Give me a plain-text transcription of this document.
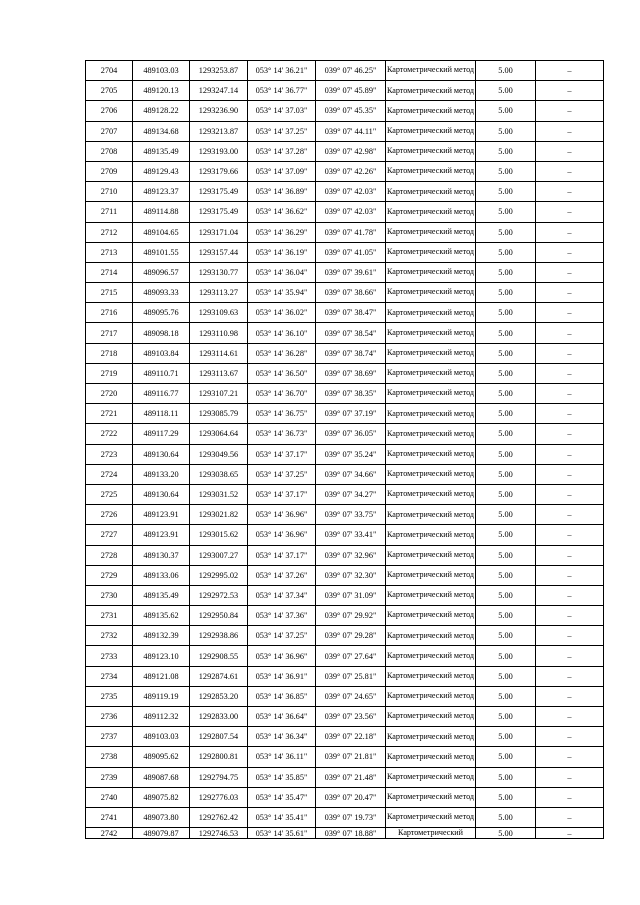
2704	489103.03	1293253.87	053° 14' 36.21"	039° 07' 46.25"	Картометрический метод	5.00	–
2705	489120.13	1293247.14	053° 14' 36.77"	039° 07' 45.89"	Картометрический метод	5.00	–
2706	489128.22	1293236.90	053° 14' 37.03"	039° 07' 45.35"	Картометрический метод	5.00	–
2707	489134.68	1293213.87	053° 14' 37.25"	039° 07' 44.11"	Картометрический метод	5.00	–
2708	489135.49	1293193.00	053° 14' 37.28"	039° 07' 42.98"	Картометрический метод	5.00	–
2709	489129.43	1293179.66	053° 14' 37.09"	039° 07' 42.26"	Картометрический метод	5.00	–
2710	489123.37	1293175.49	053° 14' 36.89"	039° 07' 42.03"	Картометрический метод	5.00	–
2711	489114.88	1293175.49	053° 14' 36.62"	039° 07' 42.03"	Картометрический метод	5.00	–
2712	489104.65	1293171.04	053° 14' 36.29"	039° 07' 41.78"	Картометрический метод	5.00	–
2713	489101.55	1293157.44	053° 14' 36.19"	039° 07' 41.05"	Картометрический метод	5.00	–
2714	489096.57	1293130.77	053° 14' 36.04"	039° 07' 39.61"	Картометрический метод	5.00	–
2715	489093.33	1293113.27	053° 14' 35.94"	039° 07' 38.66"	Картометрический метод	5.00	–
2716	489095.76	1293109.63	053° 14' 36.02"	039° 07' 38.47"	Картометрический метод	5.00	–
2717	489098.18	1293110.98	053° 14' 36.10"	039° 07' 38.54"	Картометрический метод	5.00	–
2718	489103.84	1293114.61	053° 14' 36.28"	039° 07' 38.74"	Картометрический метод	5.00	–
2719	489110.71	1293113.67	053° 14' 36.50"	039° 07' 38.69"	Картометрический метод	5.00	–
2720	489116.77	1293107.21	053° 14' 36.70"	039° 07' 38.35"	Картометрический метод	5.00	–
2721	489118.11	1293085.79	053° 14' 36.75"	039° 07' 37.19"	Картометрический метод	5.00	–
2722	489117.29	1293064.64	053° 14' 36.73"	039° 07' 36.05"	Картометрический метод	5.00	–
2723	489130.64	1293049.56	053° 14' 37.17"	039° 07' 35.24"	Картометрический метод	5.00	–
2724	489133.20	1293038.65	053° 14' 37.25"	039° 07' 34.66"	Картометрический метод	5.00	–
2725	489130.64	1293031.52	053° 14' 37.17"	039° 07' 34.27"	Картометрический метод	5.00	–
2726	489123.91	1293021.82	053° 14' 36.96"	039° 07' 33.75"	Картометрический метод	5.00	–
2727	489123.91	1293015.62	053° 14' 36.96"	039° 07' 33.41"	Картометрический метод	5.00	–
2728	489130.37	1293007.27	053° 14' 37.17"	039° 07' 32.96"	Картометрический метод	5.00	–
2729	489133.06	1292995.02	053° 14' 37.26"	039° 07' 32.30"	Картометрический метод	5.00	–
2730	489135.49	1292972.53	053° 14' 37.34"	039° 07' 31.09"	Картометрический метод	5.00	–
2731	489135.62	1292950.84	053° 14' 37.36"	039° 07' 29.92"	Картометрический метод	5.00	–
2732	489132.39	1292938.86	053° 14' 37.25"	039° 07' 29.28"	Картометрический метод	5.00	–
2733	489123.10	1292908.55	053° 14' 36.96"	039° 07' 27.64"	Картометрический метод	5.00	–
2734	489121.08	1292874.61	053° 14' 36.91"	039° 07' 25.81"	Картометрический метод	5.00	–
2735	489119.19	1292853.20	053° 14' 36.85"	039° 07' 24.65"	Картометрический метод	5.00	–
2736	489112.32	1292833.00	053° 14' 36.64"	039° 07' 23.56"	Картометрический метод	5.00	–
2737	489103.03	1292807.54	053° 14' 36.34"	039° 07' 22.18"	Картометрический метод	5.00	–
2738	489095.62	1292800.81	053° 14' 36.11"	039° 07' 21.81"	Картометрический метод	5.00	–
2739	489087.68	1292794.75	053° 14' 35.85"	039° 07' 21.48"	Картометрический метод	5.00	–
2740	489075.82	1292776.03	053° 14' 35.47"	039° 07' 20.47"	Картометрический метод	5.00	–
2741	489073.80	1292762.42	053° 14' 35.41"	039° 07' 19.73"	Картометрический метод	5.00	–
2742	489079.87	1292746.53	053° 14' 35.61"	039° 07' 18.88"	Картометрический	5.00	–
